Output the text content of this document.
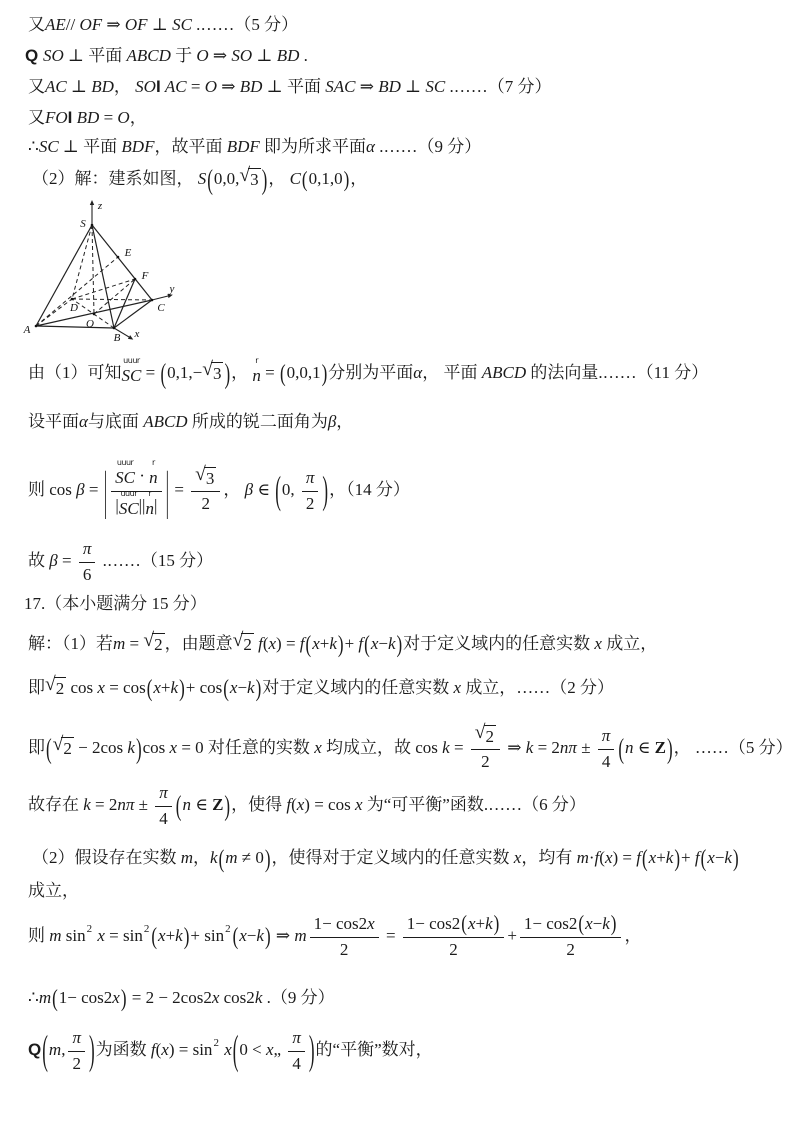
又 AE // OF ⇒ OF ⊥ SC .……（5 分）
Q SO ⊥ 平面 ABCD 于 O ⇒ SO ⊥ BD .
又 AC ⊥ BD ， SO I
AC = O ⇒ BD ⊥ 平面 SAC ⇒ BD ⊥ SC .……（7 分）
又 FO I
BD = O ，
∴ SC ⊥ 平面 BDF ，故平面 BDF 即为所求平面 α .……（9 分）
（2）解：建系如图， S ( 0,0, √ 3 ) ， C ( 0,1,0 ) ，
由（1）可知
uuur
SC = ( 0,1,− √ 3 ) ，
r
n = ( 0,0,1 ) 分别为平面 α ， 平面 ABCD 的法向量.……（11 分）
设平面 α 与底面 ABCD 所成的锐二面角为 β ，
则 cos β = | uuur
SC ·
r
n
|
uuur
SC ||
r
n | | = $\frac{√ 3}{2}$ ， β ∈ ( 0, $\frac{\pi}{2}$ ) ，（14 分）
故 $\beta = \frac{\pi}{6}$ .……（15 分）
17.（本小题满分 15 分）
解：（1）若 m = √ 2 ，由题意 √ 2 f ( x ) = f ( x + k ) + f ( x − k ) 对于定义域内的任意实数 x 成立，
即 √ 2 cos x = cos ( x + k ) + cos ( x − k ) 对于定义域内的任意实数 x 成立，……（2 分）
即 ( √ 2 − 2cos k ) cos x = 0 对任意的实数 x 均成立，故 $\cos k = \frac{√ 2}{2}$ ⇒ k = 2 $n\pi \pm \frac{\pi}{4}$ ( n ∈ Z ) ， ……（5 分）
故存在 k = 2 $n\pi \pm \frac{\pi}{4}$ ( n ∈ Z ) ，使得 f ( x ) = cos x 为“可平衡”函数.……（6 分）
（2）假设存在实数 m ， k ( m ≠ 0 ) ，使得对于定义域内的任意实数 x ，均有 m · f ( x ) = f ( x + k ) + f ( x − k )
成立，
则 m sin 2
x = sin 2 ( x + k ) + sin 2 ( x − k ) ⇒ m $\frac{1- \cos 2 x}{2} = \frac{1- \cos 2 ( x + k )}{2} + \frac{1- \cos 2 ( x - k )}{2}$ ，
∴ m ( 1− cos2 x ) = 2 − 2cos2 x cos2 k .（9 分）
Q ( m , $\frac{\pi}{2}$ ) 为函数 f ( x ) = sin 2
x ( 0 < x „ $\frac{\pi}{4}$ ) 的“平衡”数对，
S
A
B
C
D
O
E
F
z
y
x
